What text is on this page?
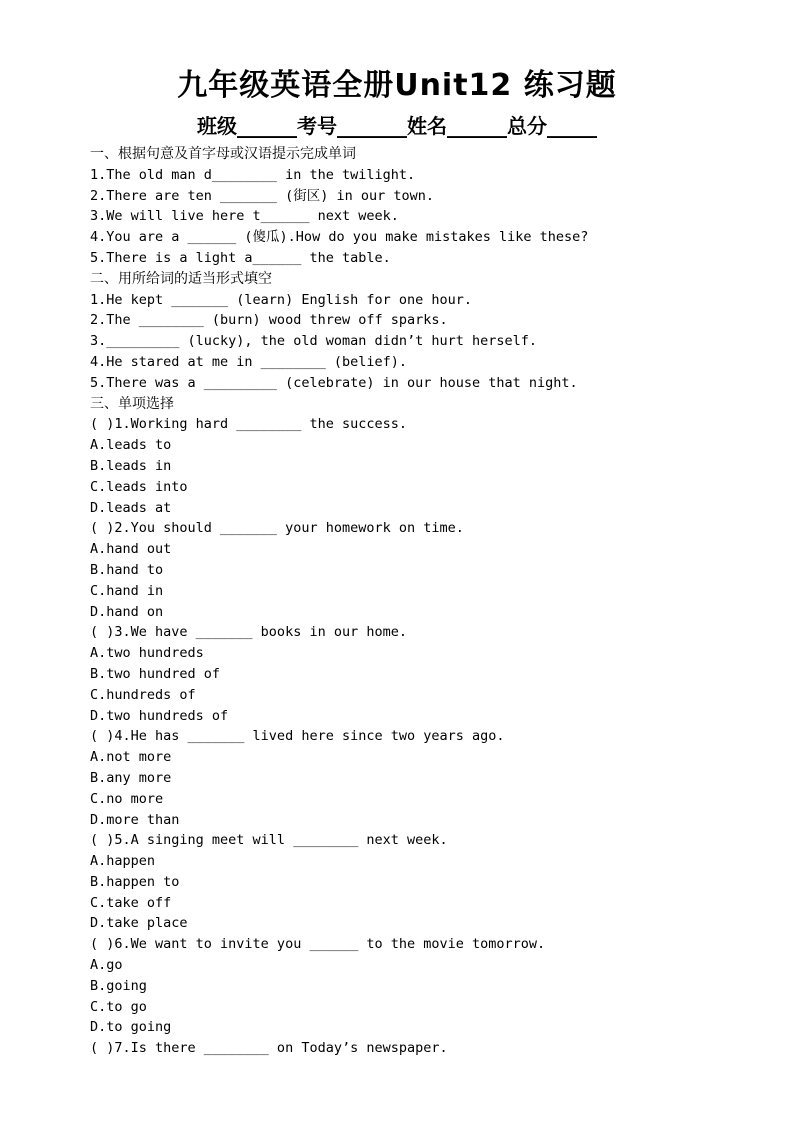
九年级英语全册Unit12 练习题
班级______考号_______姓名______总分_____
一、根据句意及首字母或汉语提示完成单词
1.The old man d________ in the twilight.
2.There are ten _______ (街区) in our town.
3.We will live here t______ next week.
4.You are a ______ (傻瓜).How do you make mistakes like these?
5.There is a light a______ the table.
二、用所给词的适当形式填空
1.He kept _______ (learn) English for one hour.
2.The ________ (burn) wood threw off sparks.
3._________ (lucky), the old woman didn’t hurt herself.
4.He stared at me in ________ (belief).
5.There was a _________ (celebrate) in our house that night.
三、单项选择
( )1.Working hard ________ the success.
A.leads to
B.leads in
C.leads into
D.leads at
( )2.You should _______ your homework on time.
A.hand out
B.hand to
C.hand in
D.hand on
( )3.We have _______ books in our home.
A.two hundreds
B.two hundred of
C.hundreds of
D.two hundreds of
( )4.He has _______ lived here since two years ago.
A.not more
B.any more
C.no more
D.more than
( )5.A singing meet will ________ next week.
A.happen
B.happen to
C.take off
D.take place
( )6.We want to invite you ______ to the movie tomorrow.
A.go
B.going
C.to go
D.to going
( )7.Is there ________ on Today’s newspaper.
